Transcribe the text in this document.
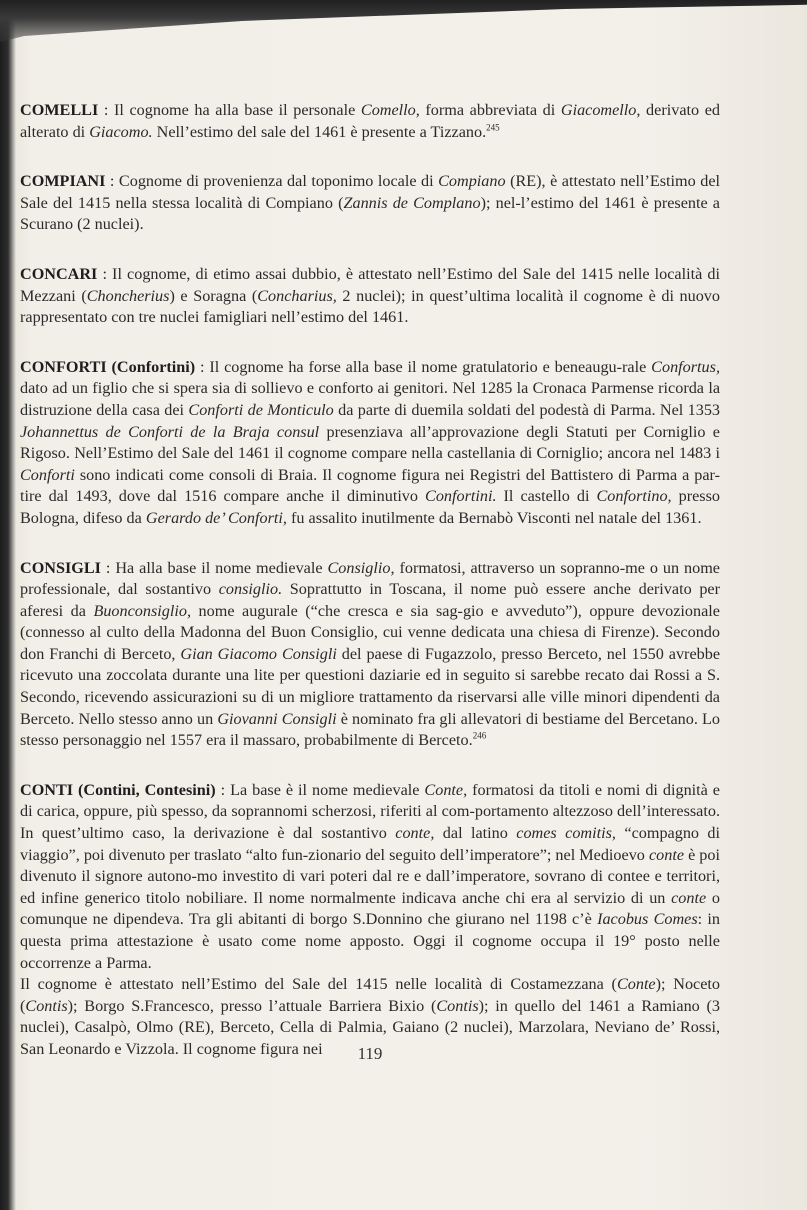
COMELLI : Il cognome ha alla base il personale Comello, forma abbreviata di Giacomello, derivato ed alterato di Giacomo. Nell’estimo del sale del 1461 è presente a Tizzano.$^{245}$

COMPIANI : Cognome di provenienza dal toponimo locale di Compiano (RE), è attestato nell’Estimo del Sale del 1415 nella stessa località di Compiano (Zannis de Complano); nel-l’estimo del 1461 è presente a Scurano (2 nuclei).

CONCARI : Il cognome, di etimo assai dubbio, è attestato nell’Estimo del Sale del 1415 nelle località di Mezzani (Choncherius) e Soragna (Concharius, 2 nuclei); in quest’ultima località il cognome è di nuovo rappresentato con tre nuclei famigliari nell’estimo del 1461.

CONFORTI (Confortini) : Il cognome ha forse alla base il nome gratulatorio e beneaugu-rale Confortus, dato ad un figlio che si spera sia di sollievo e conforto ai genitori. Nel 1285 la Cronaca Parmense ricorda la distruzione della casa dei Conforti de Monticulo da parte di duemila soldati del podestà di Parma. Nel 1353 Johannettus de Conforti de la Braja consul presenziava all’approvazione degli Statuti per Corniglio e Rigoso. Nell’Estimo del Sale del 1461 il cognome compare nella castellania di Corniglio; ancora nel 1483 i Conforti sono indicati come consoli di Braia. Il cognome figura nei Registri del Battistero di Parma a par-tire dal 1493, dove dal 1516 compare anche il diminutivo Confortini. Il castello di Confortino, presso Bologna, difeso da Gerardo de’ Conforti, fu assalito inutilmente da Bernabò Visconti nel natale del 1361.

CONSIGLI : Ha alla base il nome medievale Consiglio, formatosi, attraverso un sopranno-me o un nome professionale, dal sostantivo consiglio. Soprattutto in Toscana, il nome può essere anche derivato per aferesi da Buonconsiglio, nome augurale (“che cresca e sia sag-gio e avveduto”), oppure devozionale (connesso al culto della Madonna del Buon Consiglio, cui venne dedicata una chiesa di Firenze). Secondo don Franchi di Berceto, Gian Giacomo Consigli del paese di Fugazzolo, presso Berceto, nel 1550 avrebbe ricevuto una zoccolata durante una lite per questioni daziarie ed in seguito si sarebbe recato dai Rossi a S. Secondo, ricevendo assicurazioni su di un migliore trattamento da riservarsi alle ville minori dipendenti da Berceto. Nello stesso anno un Giovanni Consigli è nominato fra gli allevatori di bestiame del Bercetano. Lo stesso personaggio nel 1557 era il massaro, probabilmente di Berceto.$^{246}$

CONTI (Contini, Contesini) : La base è il nome medievale Conte, formatosi da titoli e nomi di dignità e di carica, oppure, più spesso, da soprannomi scherzosi, riferiti al com-portamento altezzoso dell’interessato. In quest’ultimo caso, la derivazione è dal sostantivo conte, dal latino comes comitis, “compagno di viaggio”, poi divenuto per traslato “alto fun-zionario del seguito dell’imperatore”; nel Medioevo conte è poi divenuto il signore autono-mo investito di vari poteri dal re e dall’imperatore, sovrano di contee e territori, ed infine generico titolo nobiliare. Il nome normalmente indicava anche chi era al servizio di un conte o comunque ne dipendeva. Tra gli abitanti di borgo S.Donnino che giurano nel 1198 c’è Iacobus Comes: in questa prima attestazione è usato come nome apposto. Oggi il cognome occupa il 19° posto nelle occorrenze a Parma.

Il cognome è attestato nell’Estimo del Sale del 1415 nelle località di Costamezzana (Conte); Noceto (Contis); Borgo S.Francesco, presso l’attuale Barriera Bixio (Contis); in quello del 1461 a Ramiano (3 nuclei), Casalpò, Olmo (RE), Berceto, Cella di Palmia, Gaiano (2 nuclei), Marzolara, Neviano de’ Rossi, San Leonardo e Vizzola. Il cognome figura nei	119
